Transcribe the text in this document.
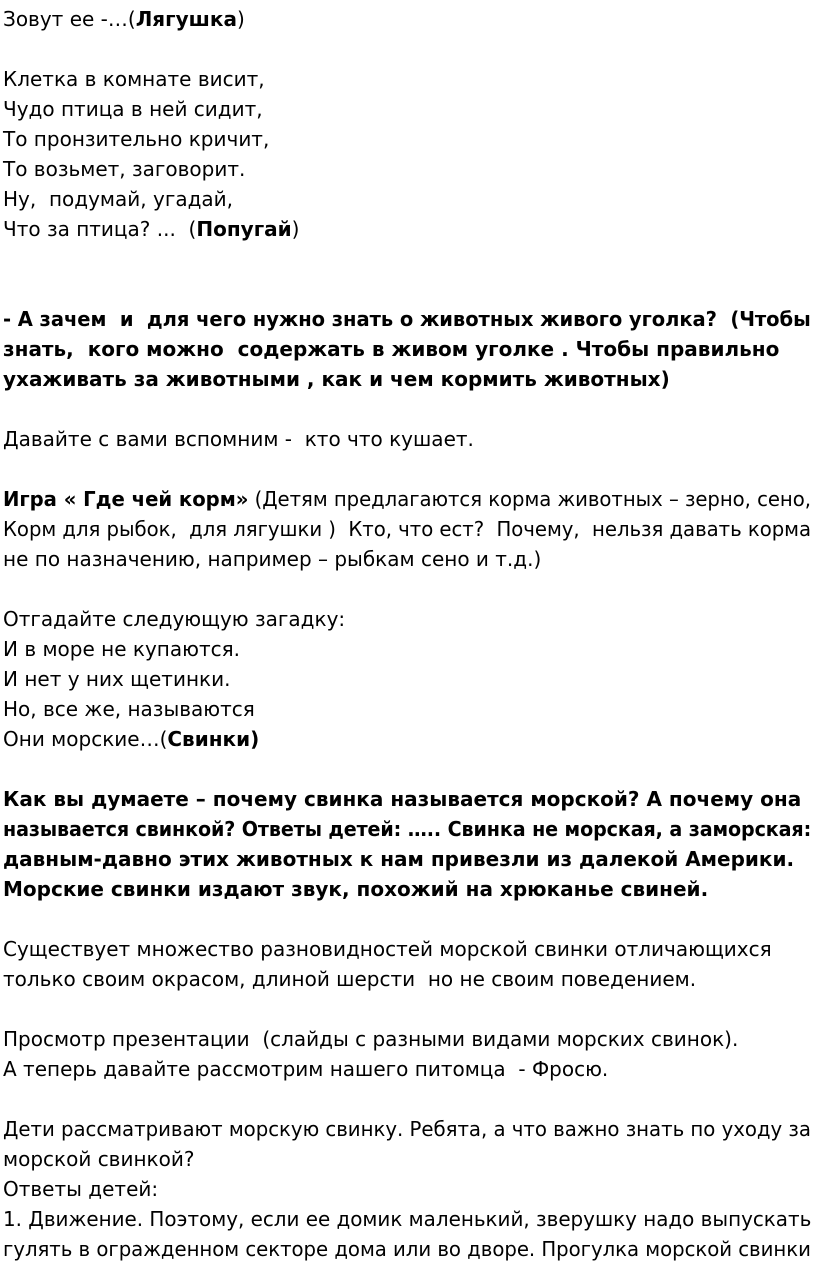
Зовут ее -…(Лягушка)
Клетка в комнате висит,
Чудо птица в ней сидит,
То пронзительно кричит,
То возьмет, заговорит.
Ну,  подумай, угадай,
Что за птица? ...  (Попугай)
- А зачем  и  для чего нужно знать о животных живого уголка?  (Чтобы
знать,  кого можно  содержать в живом уголке . Чтобы правильно
ухаживать за животными , как и чем кормить животных)
Давайте с вами вспомним -  кто что кушает.
Игра « Где чей корм» (Детям предлагаются корма животных – зерно, сено,
Корм для рыбок,  для лягушки )  Кто, что ест?  Почему,  нельзя давать корма
не по назначению, например – рыбкам сено и т.д.)
Отгадайте следующую загадку:
И в море не купаются.
И нет у них щетинки.
Но, все же, называются
Они морские…(Свинки)
Как вы думаете – почему свинка называется морской? А почему она
называется свинкой? Ответы детей: ….. Свинка не морская, а заморская:
давным-давно этих животных к нам привезли из далекой Америки.
Морские свинки издают звук, похожий на хрюканье свиней.
Существует множество разновидностей морской свинки отличающихся
только своим окрасом, длиной шерсти  но не своим поведением.
Просмотр презентации  (слайды с разными видами морских свинок).
А теперь давайте рассмотрим нашего питомца  - Фросю.
Дети рассматривают морскую свинку. Ребята, а что важно знать по уходу за
морской свинкой?
Ответы детей:
1. Движение. Поэтому, если ее домик маленький, зверушку надо выпускать
гулять в огражденном секторе дома или во дворе. Прогулка морской свинки
